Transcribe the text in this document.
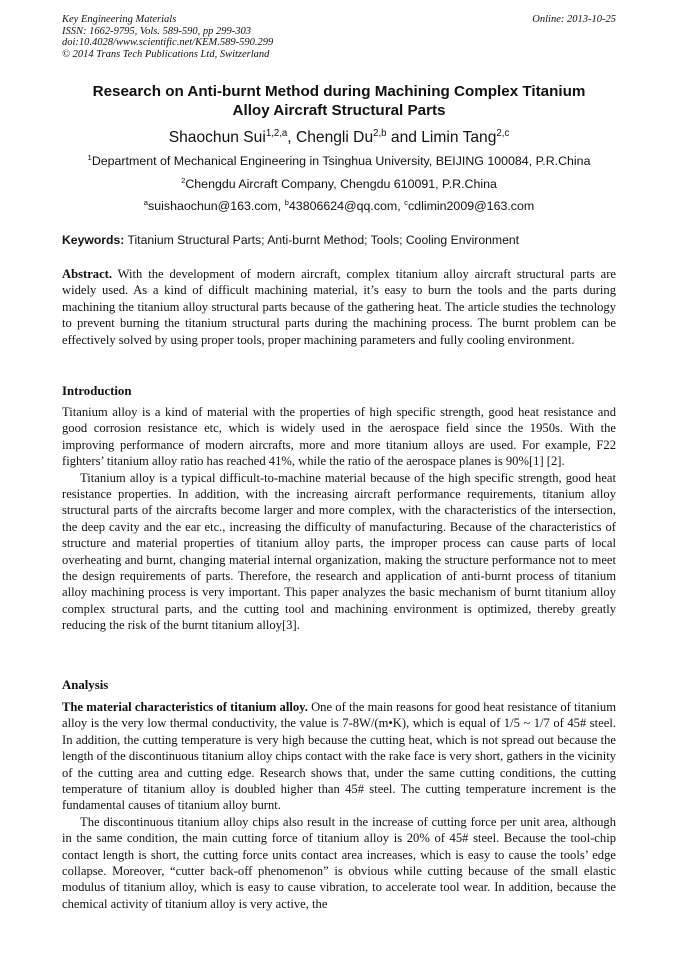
Key Engineering Materials	Online: 2013-10-25
ISSN: 1662-9795, Vols. 589-590, pp 299-303
doi:10.4028/www.scientific.net/KEM.589-590.299
© 2014 Trans Tech Publications Ltd, Switzerland
Research on Anti-burnt Method during Machining Complex Titanium
Alloy Aircraft Structural Parts
Shaochun Sui$^{1,2,a}$, Chengli Du$^{2,b}$ and Limin Tang$^{2,c}$
$^1$Department of Mechanical Engineering in Tsinghua University, BEIJING 100084, P.R.China
$^2$Chengdu Aircraft Company, Chengdu 610091, P.R.China
$^a$suishaochun@163.com, $^b$43806624@qq.com, $^c$cdlimin2009@163.com
Keywords: Titanium Structural Parts; Anti-burnt Method; Tools; Cooling Environment

Abstract. With the development of modern aircraft, complex titanium alloy aircraft structural parts are widely used. As a kind of difficult machining material, it’s easy to burn the tools and the parts during machining the titanium alloy structural parts because of the gathering heat. The article studies the technology to prevent burning the titanium structural parts during the machining process. The burnt problem can be effectively solved by using proper tools, proper machining parameters and fully cooling environment.

Introduction

Titanium alloy is a kind of material with the properties of high specific strength, good heat resistance and good corrosion resistance etc, which is widely used in the aerospace field since the 1950s. With the improving performance of modern aircrafts, more and more titanium alloys are used. For example, F22 fighters’ titanium alloy ratio has reached 41%, while the ratio of the aerospace planes is 90%[1] [2].

Titanium alloy is a typical difficult-to-machine material because of the high specific strength, good heat resistance properties. In addition, with the increasing aircraft performance requirements, titanium alloy structural parts of the aircrafts become larger and more complex, with the characteristics of the intersection, the deep cavity and the ear etc., increasing the difficulty of manufacturing. Because of the characteristics of structure and material properties of titanium alloy parts, the improper process can cause parts of local overheating and burnt, changing material internal organization, making the structure performance not to meet the design requirements of parts. Therefore, the research and application of anti-burnt process of titanium alloy machining process is very important. This paper analyzes the basic mechanism of burnt titanium alloy complex structural parts, and the cutting tool and machining environment is optimized, thereby greatly reducing the risk of the burnt titanium alloy[3].

Analysis

The material characteristics of titanium alloy. One of the main reasons for good heat resistance of titanium alloy is the very low thermal conductivity, the value is 7-8W/(m•K), which is equal of 1/5 ~ 1/7 of 45# steel. In addition, the cutting temperature is very high because the cutting heat, which is not spread out because the length of the discontinuous titanium alloy chips contact with the rake face is very short, gathers in the vicinity of the cutting area and cutting edge. Research shows that, under the same cutting conditions, the cutting temperature of titanium alloy is doubled higher than 45# steel. The cutting temperature increment is the fundamental causes of titanium alloy burnt.

The discontinuous titanium alloy chips also result in the increase of cutting force per unit area, although in the same condition, the main cutting force of titanium alloy is 20% of 45# steel. Because the tool-chip contact length is short, the cutting force units contact area increases, which is easy to cause the tools’ edge collapse. Moreover, “cutter back-off phenomenon” is obvious while cutting because of the small elastic modulus of titanium alloy, which is easy to cause vibration, to accelerate tool wear. In addition, because the chemical activity of titanium alloy is very active, the
